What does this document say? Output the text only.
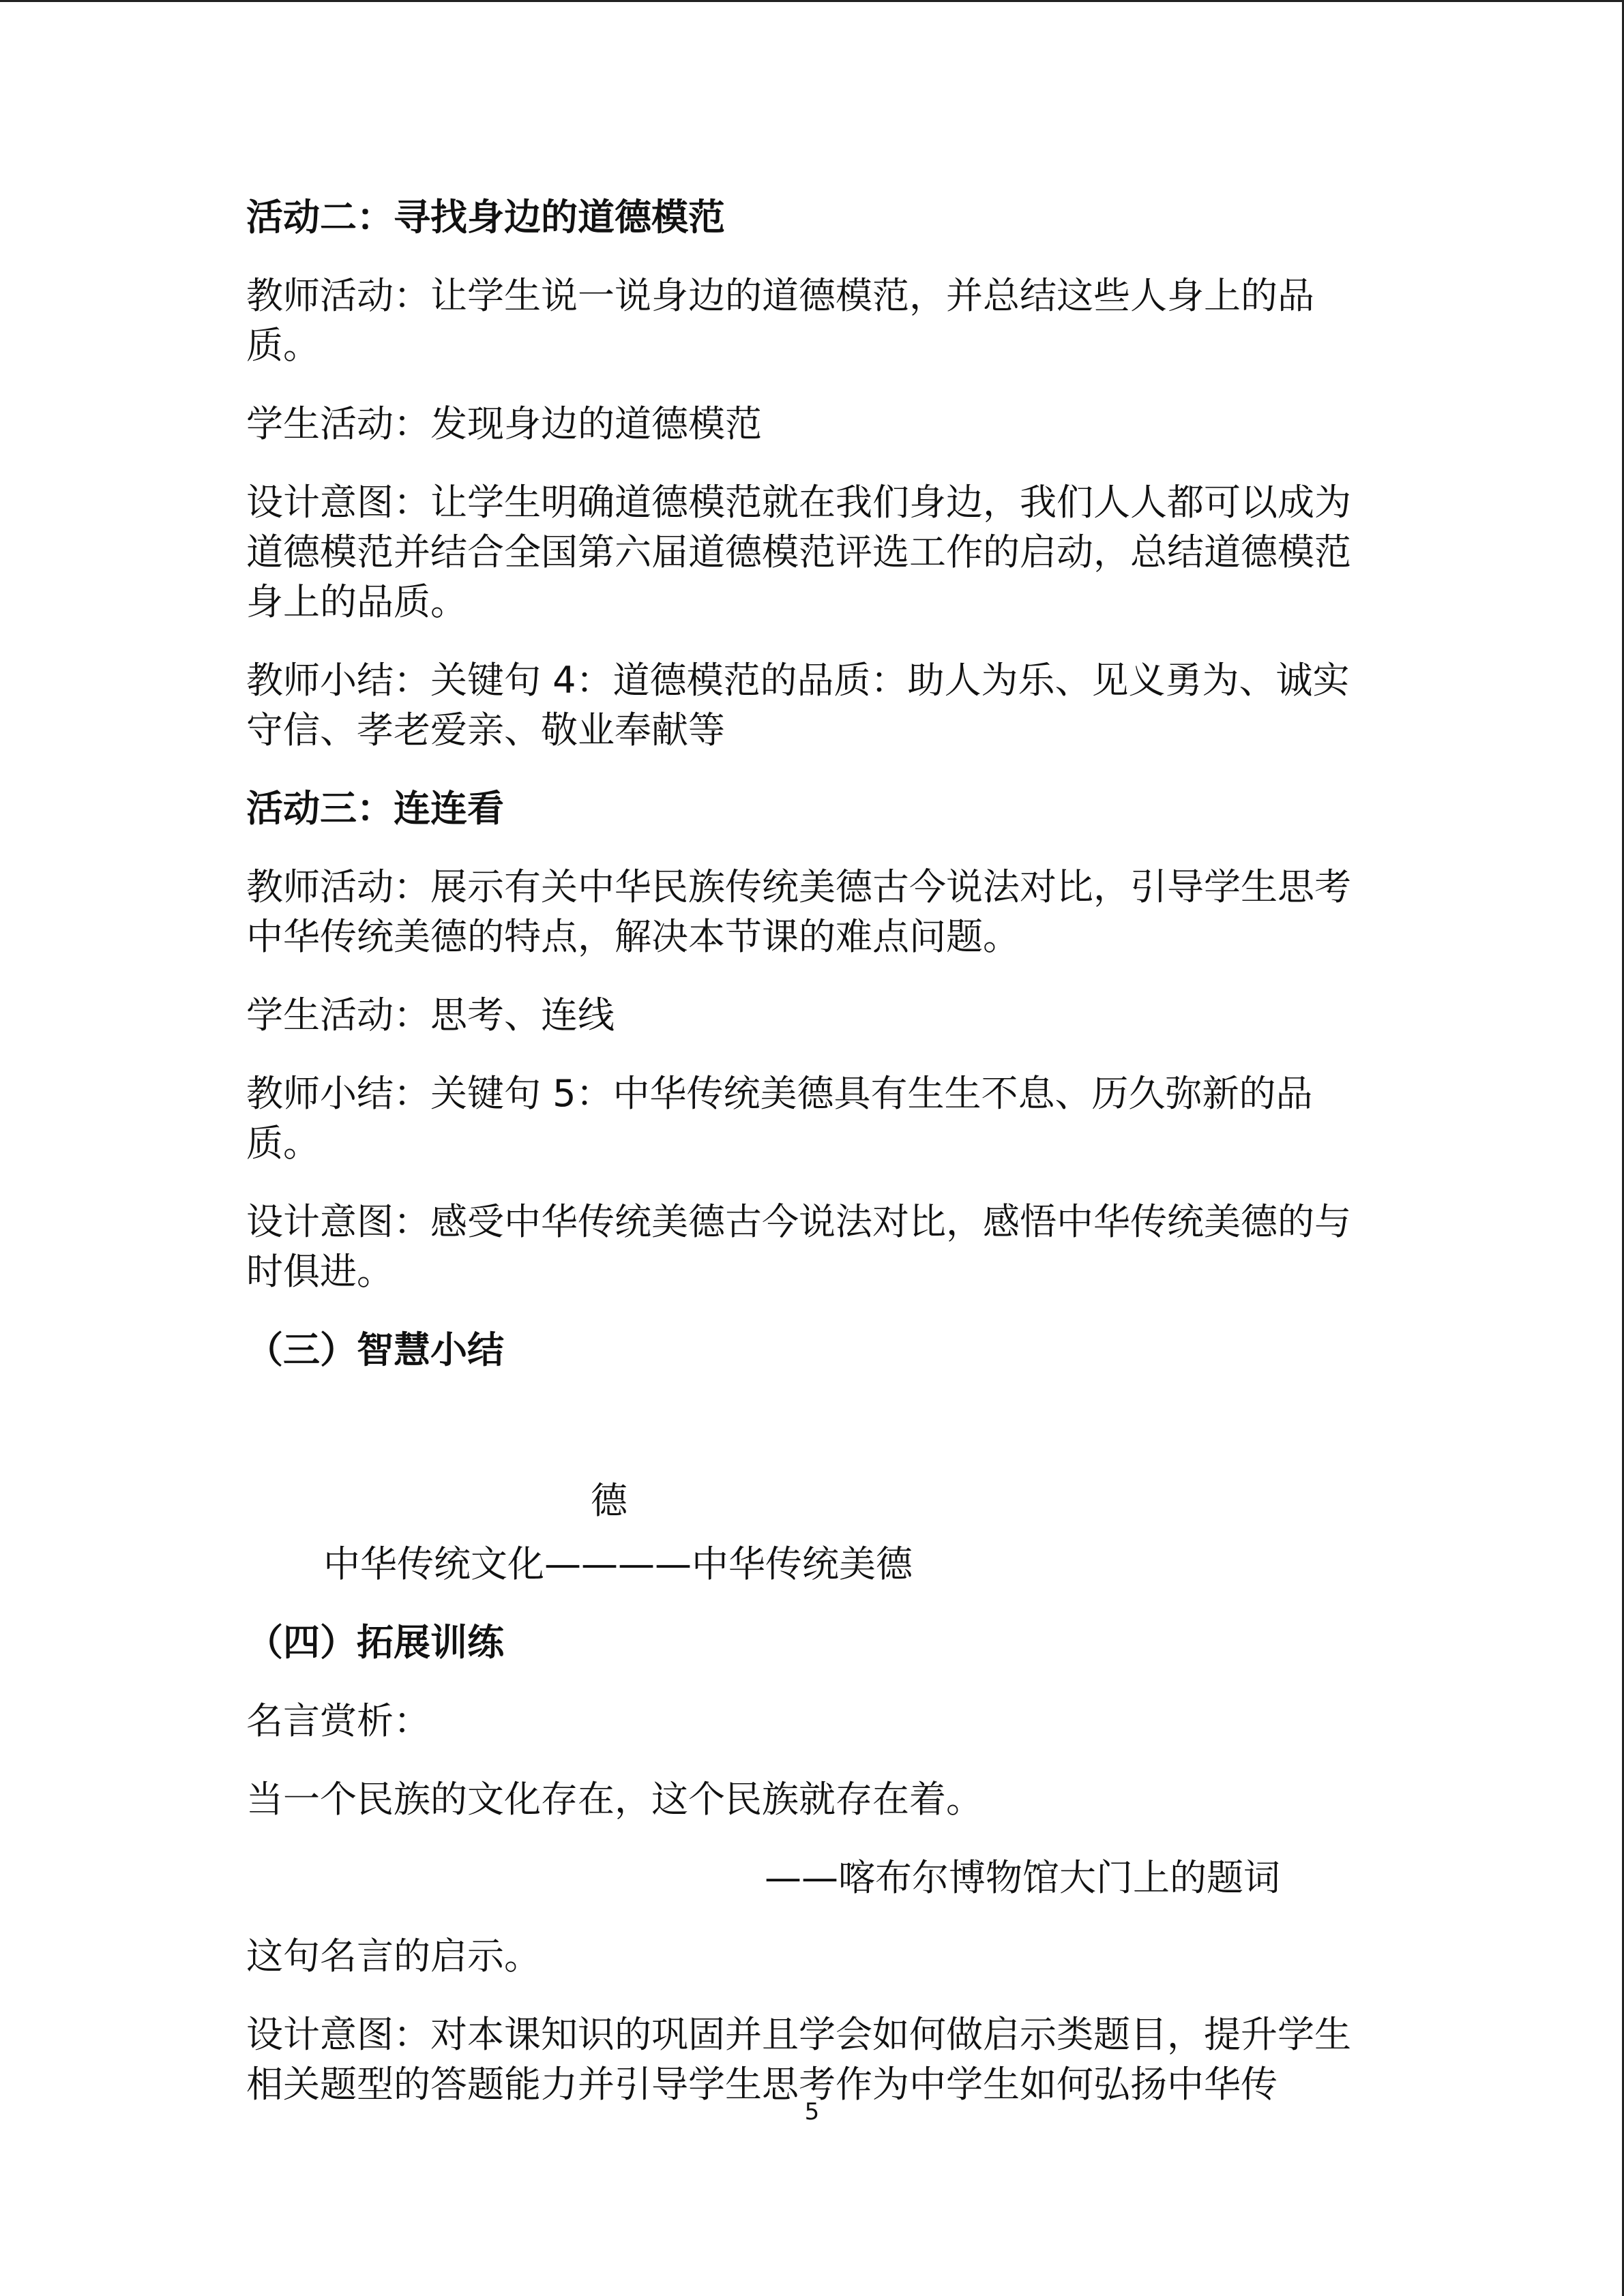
活动二：寻找身边的道德模范
教师活动：让学生说一说身边的道德模范，并总结这些人身上的品质。
学生活动：发现身边的道德模范
设计意图：让学生明确道德模范就在我们身边，我们人人都可以成为道德模范并结合全国第六届道德模范评选工作的启动，总结道德模范身上的品质。
教师小结：关键句 4：道德模范的品质：助人为乐、见义勇为、诚实守信、孝老爱亲、敬业奉献等
活动三：连连看
教师活动：展示有关中华民族传统美德古今说法对比，引导学生思考中华传统美德的特点，解决本节课的难点问题。
学生活动：思考、连线
教师小结：关键句 5：中华传统美德具有生生不息、历久弥新的品质。
设计意图：感受中华传统美德古今说法对比，感悟中华传统美德的与时俱进。
（三）智慧小结
德
中华传统文化————中华传统美德
（四）拓展训练
名言赏析：
当一个民族的文化存在，这个民族就存在着。
——喀布尔博物馆大门上的题词
这句名言的启示。
设计意图：对本课知识的巩固并且学会如何做启示类题目，提升学生相关题型的答题能力并引导学生思考作为中学生如何弘扬中华传
5
